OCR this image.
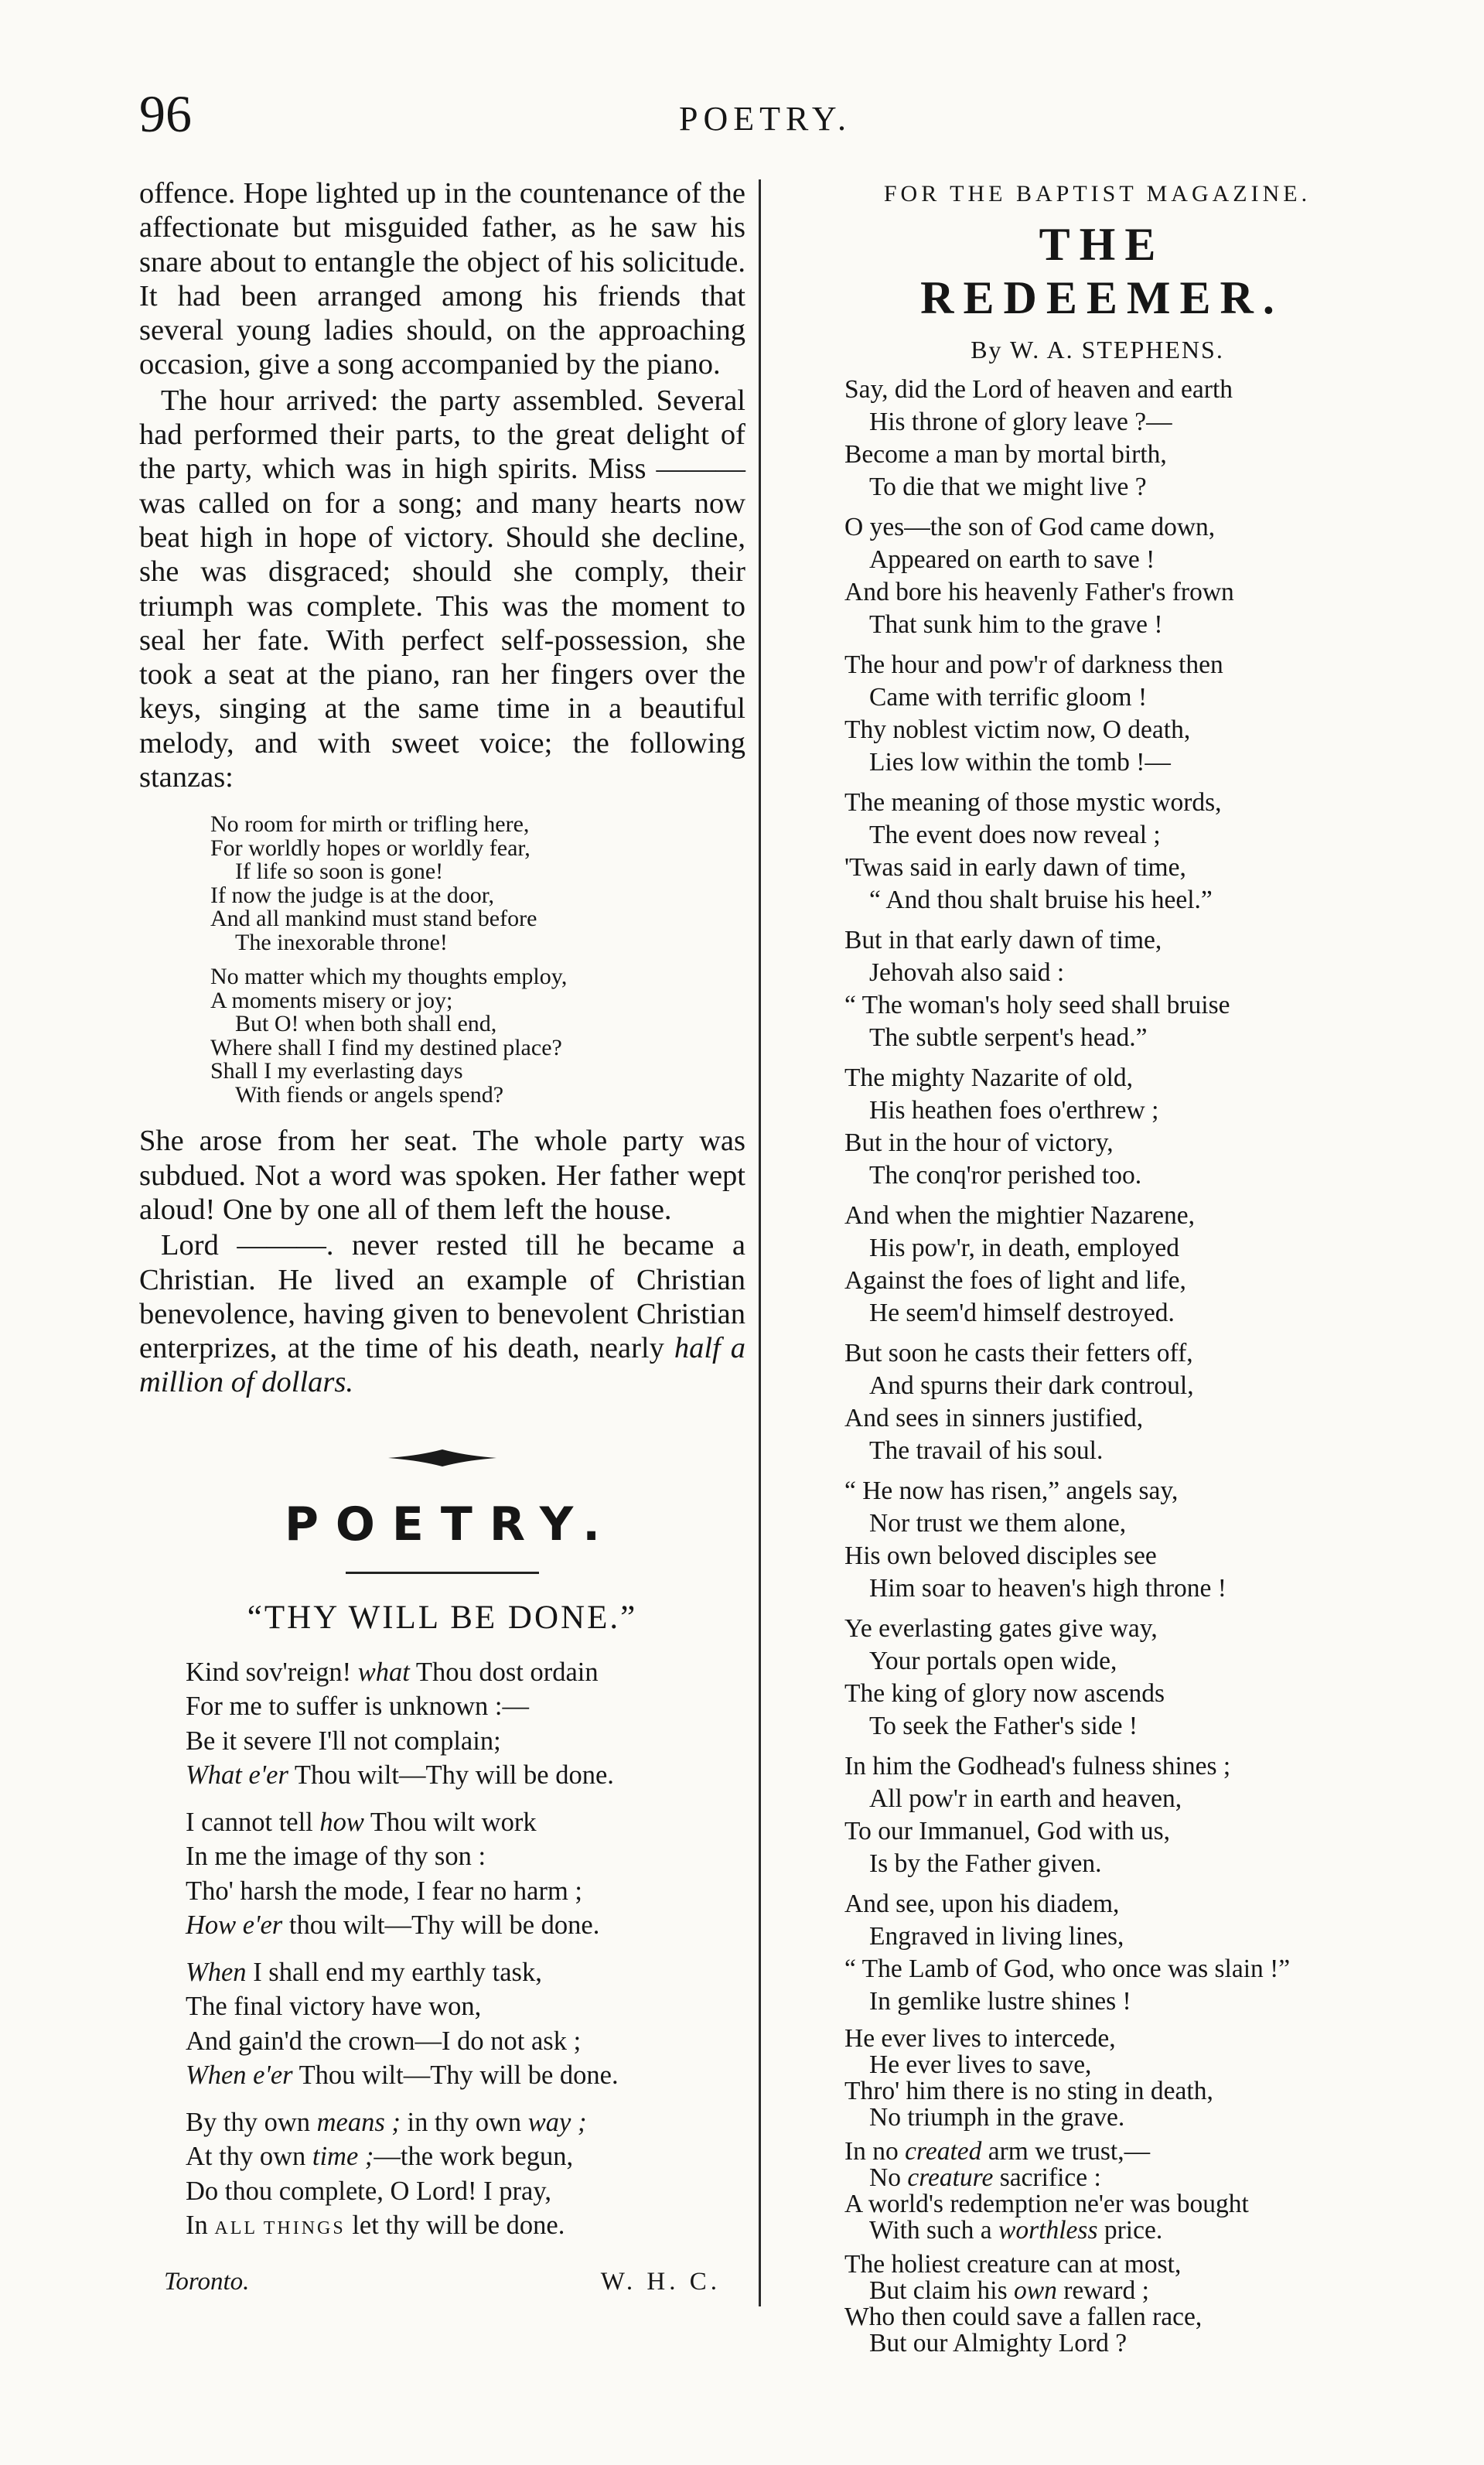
96	POETRY.

offence. Hope lighted up in the countenance of the affectionate but misguided father, as he saw his snare about to entangle the object of his solicitude. It had been arranged among his friends that several young ladies should, on the approaching occasion, give a song accompanied by the piano.

The hour arrived: the party assembled. Several had performed their parts, to the great delight of the party, which was in high spirits. Miss ——— was called on for a song; and many hearts now beat high in hope of victory. Should she decline, she was disgraced; should she comply, their triumph was complete. This was the moment to seal her fate. With perfect self-possession, she took a seat at the piano, ran her fingers over the keys, singing at the same time in a beautiful melody, and with sweet voice; the following stanzas:

No room for mirth or trifling here,
For worldly hopes or worldly fear,
If life so soon is gone!
If now the judge is at the door,
And all mankind must stand before
The inexorable throne!
No matter which my thoughts employ,
A moments misery or joy;
But O! when both shall end,
Where shall I find my destined place?
Shall I my everlasting days
With fiends or angels spend?

She arose from her seat. The whole party was subdued. Not a word was spoken. Her father wept aloud! One by one all of them left the house.

Lord ———. never rested till he became a Christian. He lived an example of Christian benevolence, having given to benevolent Christian enterprizes, at the time of his death, nearly half a million of dollars.

POETRY.
“THY WILL BE DONE.”
Kind sov'reign! what Thou dost ordain
For me to suffer is unknown :—
Be it severe I'll not complain;
What e'er Thou wilt—Thy will be done.
I cannot tell how Thou wilt work
In me the image of thy son :
Tho' harsh the mode, I fear no harm ;
How e'er thou wilt—Thy will be done.
When I shall end my earthly task,
The final victory have won,
And gain'd the crown—I do not ask ;
When e'er Thou wilt—Thy will be done.
By thy own means ; in thy own way ;
At thy own time ;—the work begun,
Do thou complete, O Lord! I pray,
In ALL THINGS let thy will be done.
Toronto.	W. H. C.
FOR THE BAPTIST MAGAZINE.
THE REDEEMER.
By W. A. STEPHENS.
Say, did the Lord of heaven and earth
His throne of glory leave ?—
Become a man by mortal birth,
To die that we might live ?
O yes—the son of God came down,
Appeared on earth to save !
And bore his heavenly Father's frown
That sunk him to the grave !
The hour and pow'r of darkness then
Came with terrific gloom !
Thy noblest victim now, O death,
Lies low within the tomb !—
The meaning of those mystic words,
The event does now reveal ;
'Twas said in early dawn of time,
“ And thou shalt bruise his heel.”
But in that early dawn of time,
Jehovah also said :
“ The woman's holy seed shall bruise
The subtle serpent's head.”
The mighty Nazarite of old,
His heathen foes o'erthrew ;
But in the hour of victory,
The conq'ror perished too.
And when the mightier Nazarene,
His pow'r, in death, employed
Against the foes of light and life,
He seem'd himself destroyed.
But soon he casts their fetters off,
And spurns their dark controul,
And sees in sinners justified,
The travail of his soul.
“ He now has risen,” angels say,
Nor trust we them alone,
His own beloved disciples see
Him soar to heaven's high throne !
Ye everlasting gates give way,
Your portals open wide,
The king of glory now ascends
To seek the Father's side !
In him the Godhead's fulness shines ;
All pow'r in earth and heaven,
To our Immanuel, God with us,
Is by the Father given.
And see, upon his diadem,
Engraved in living lines,
“ The Lamb of God, who once was slain !”
In gemlike lustre shines !
He ever lives to intercede,
He ever lives to save,
Thro' him there is no sting in death,
No triumph in the grave.
In no created arm we trust,—
No creature sacrifice :
A world's redemption ne'er was bought
With such a worthless price.
The holiest creature can at most,
But claim his own reward ;
Who then could save a fallen race,
But our Almighty Lord ?
